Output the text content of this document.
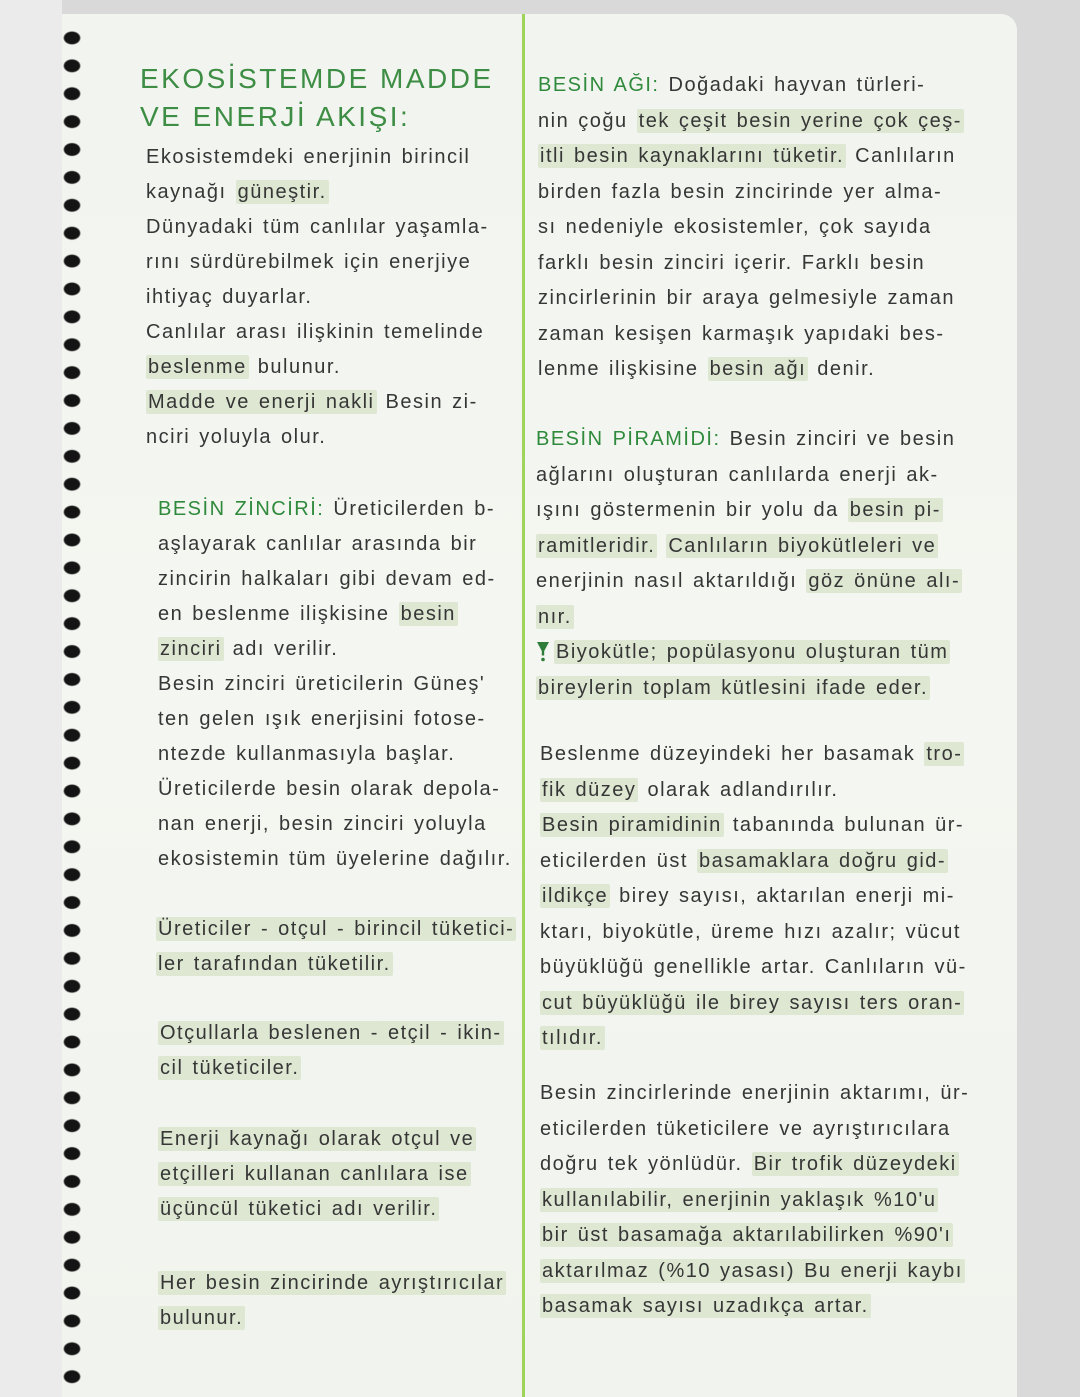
EKOSİSTEMDE MADDE
VE ENERJİ AKIŞI:
Ekosistemdeki enerjinin birincil
kaynağı güneştir.
Dünyadaki tüm canlılar yaşamla-
rını sürdürebilmek için enerjiye
ihtiyaç duyarlar.
Canlılar arası ilişkinin temelinde
beslenme bulunur.
Madde ve enerji nakli Besin zi-
nciri yoluyla olur.
BESİN ZİNCİRİ: Üreticilerden b-
aşlayarak canlılar arasında bir
zincirin halkaları gibi devam ed-
en beslenme ilişkisine besin
zinciri adı verilir.
Besin zinciri üreticilerin Güneş'
ten gelen ışık enerjisini fotose-
ntezde kullanmasıyla başlar.
Üreticilerde besin olarak depola-
nan enerji, besin zinciri yoluyla
ekosistemin tüm üyelerine dağılır.
Üreticiler - otçul - birincil tüketici-
ler tarafından tüketilir.
Otçullarla beslenen - etçil - ikin-
cil tüketiciler.
Enerji kaynağı olarak otçul ve
etçilleri kullanan canlılara ise
üçüncül tüketici adı verilir.
Her besin zincirinde ayrıştırıcılar
bulunur.
BESİN AĞI: Doğadaki hayvan türleri-
nin çoğu tek çeşit besin yerine çok çeş-
itli besin kaynaklarını tüketir. Canlıların
birden fazla besin zincirinde yer alma-
sı nedeniyle ekosistemler, çok sayıda
farklı besin zinciri içerir. Farklı besin
zincirlerinin bir araya gelmesiyle zaman
zaman kesişen karmaşık yapıdaki bes-
lenme ilişkisine besin ağı denir.
BESİN PİRAMİDİ: Besin zinciri ve besin
ağlarını oluşturan canlılarda enerji ak-
ışını göstermenin bir yolu da besin pi-
ramitleridir. Canlıların biyokütleleri ve
enerjinin nasıl aktarıldığı göz önüne alı-
nır.
Biyokütle; popülasyonu oluşturan tüm
bireylerin toplam kütlesini ifade eder.
Beslenme düzeyindeki her basamak tro-
fik düzey olarak adlandırılır.
Besin piramidinin tabanında bulunan ür-
eticilerden üst basamaklara doğru gid-
ildikçe birey sayısı, aktarılan enerji mi-
ktarı, biyokütle, üreme hızı azalır; vücut
büyüklüğü genellikle artar. Canlıların vü-
cut büyüklüğü ile birey sayısı ters oran-
tılıdır.
Besin zincirlerinde enerjinin aktarımı, ür-
eticilerden tüketicilere ve ayrıştırıcılara
doğru tek yönlüdür. Bir trofik düzeydeki
kullanılabilir, enerjinin yaklaşık %10'u
bir üst basamağa aktarılabilirken %90'ı
aktarılmaz (%10 yasası) Bu enerji kaybı
basamak sayısı uzadıkça artar.
